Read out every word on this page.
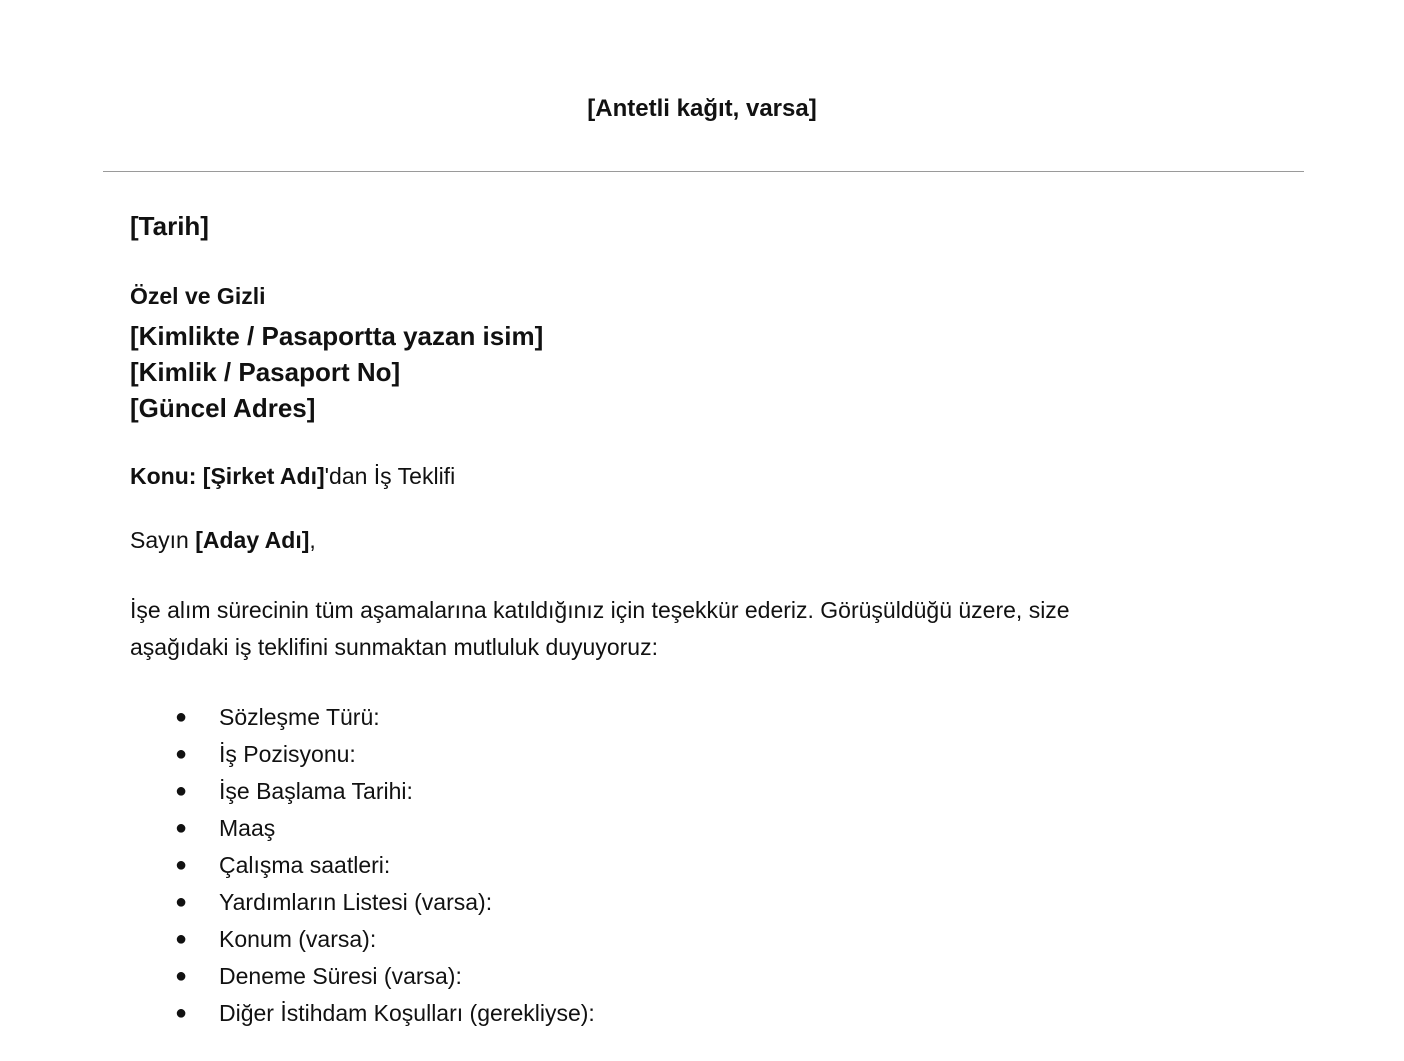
[Antetli kağıt, varsa]
[Tarih]
Özel ve Gizli
[Kimlikte / Pasaportta yazan isim]
[Kimlik / Pasaport No]
[Güncel Adres]
Konu: [Şirket Adı]'dan İş Teklifi
Sayın [Aday Adı],
İşe alım sürecinin tüm aşamalarına katıldığınız için teşekkür ederiz. Görüşüldüğü üzere, size
aşağıdaki iş teklifini sunmaktan mutluluk duyuyoruz:
● Sözleşme Türü:
● İş Pozisyonu:
● İşe Başlama Tarihi:
● Maaş
● Çalışma saatleri:
● Yardımların Listesi (varsa):
● Konum (varsa):
● Deneme Süresi (varsa):
● Diğer İstihdam Koşulları (gerekliyse):
